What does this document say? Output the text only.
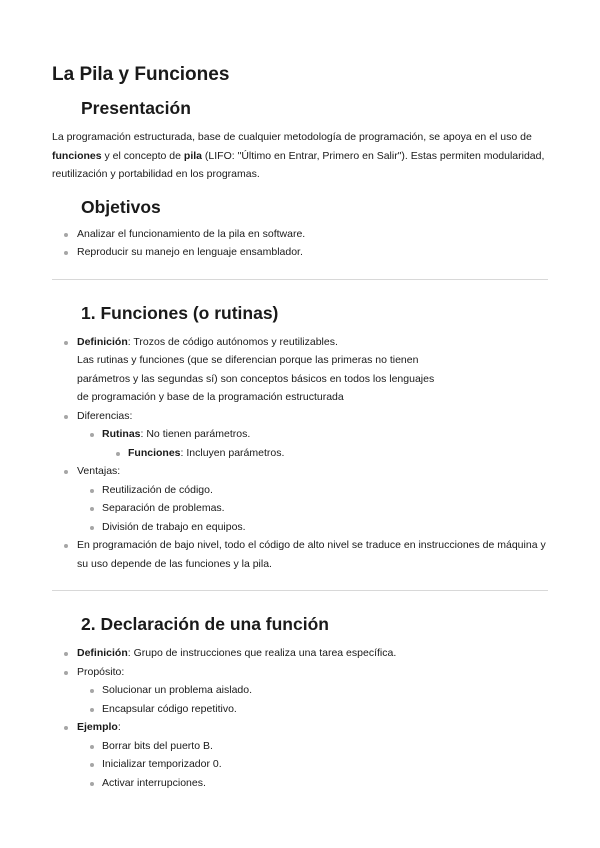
La Pila y Funciones
Presentación

La programación estructurada, base de cualquier metodología de programación, se apoya en el uso de funciones y el concepto de pila (LIFO: "Último en Entrar, Primero en Salir"). Estas permiten modularidad, reutilización y portabilidad en los programas.

Objetivos
Analizar el funcionamiento de la pila en software.
Reproducir su manejo en lenguaje ensamblador.
1. Funciones (o rutinas)
Definición: Trozos de código autónomos y reutilizables.
Las rutinas y funciones (que se diferencian porque las primeras no tienen
parámetros y las segundas sí) son conceptos básicos en todos los lenguajes
de programación y base de la programación estructurada
Diferencias:
Rutinas: No tienen parámetros.
Funciones: Incluyen parámetros.
Ventajas:
Reutilización de código.
Separación de problemas.
División de trabajo en equipos.
En programación de bajo nivel, todo el código de alto nivel se traduce en instrucciones de máquina y su uso depende de las funciones y la pila.
2. Declaración de una función
Definición: Grupo de instrucciones que realiza una tarea específica.
Propósito:
Solucionar un problema aislado.
Encapsular código repetitivo.
Ejemplo:
Borrar bits del puerto B.
Inicializar temporizador 0.
Activar interrupciones.
